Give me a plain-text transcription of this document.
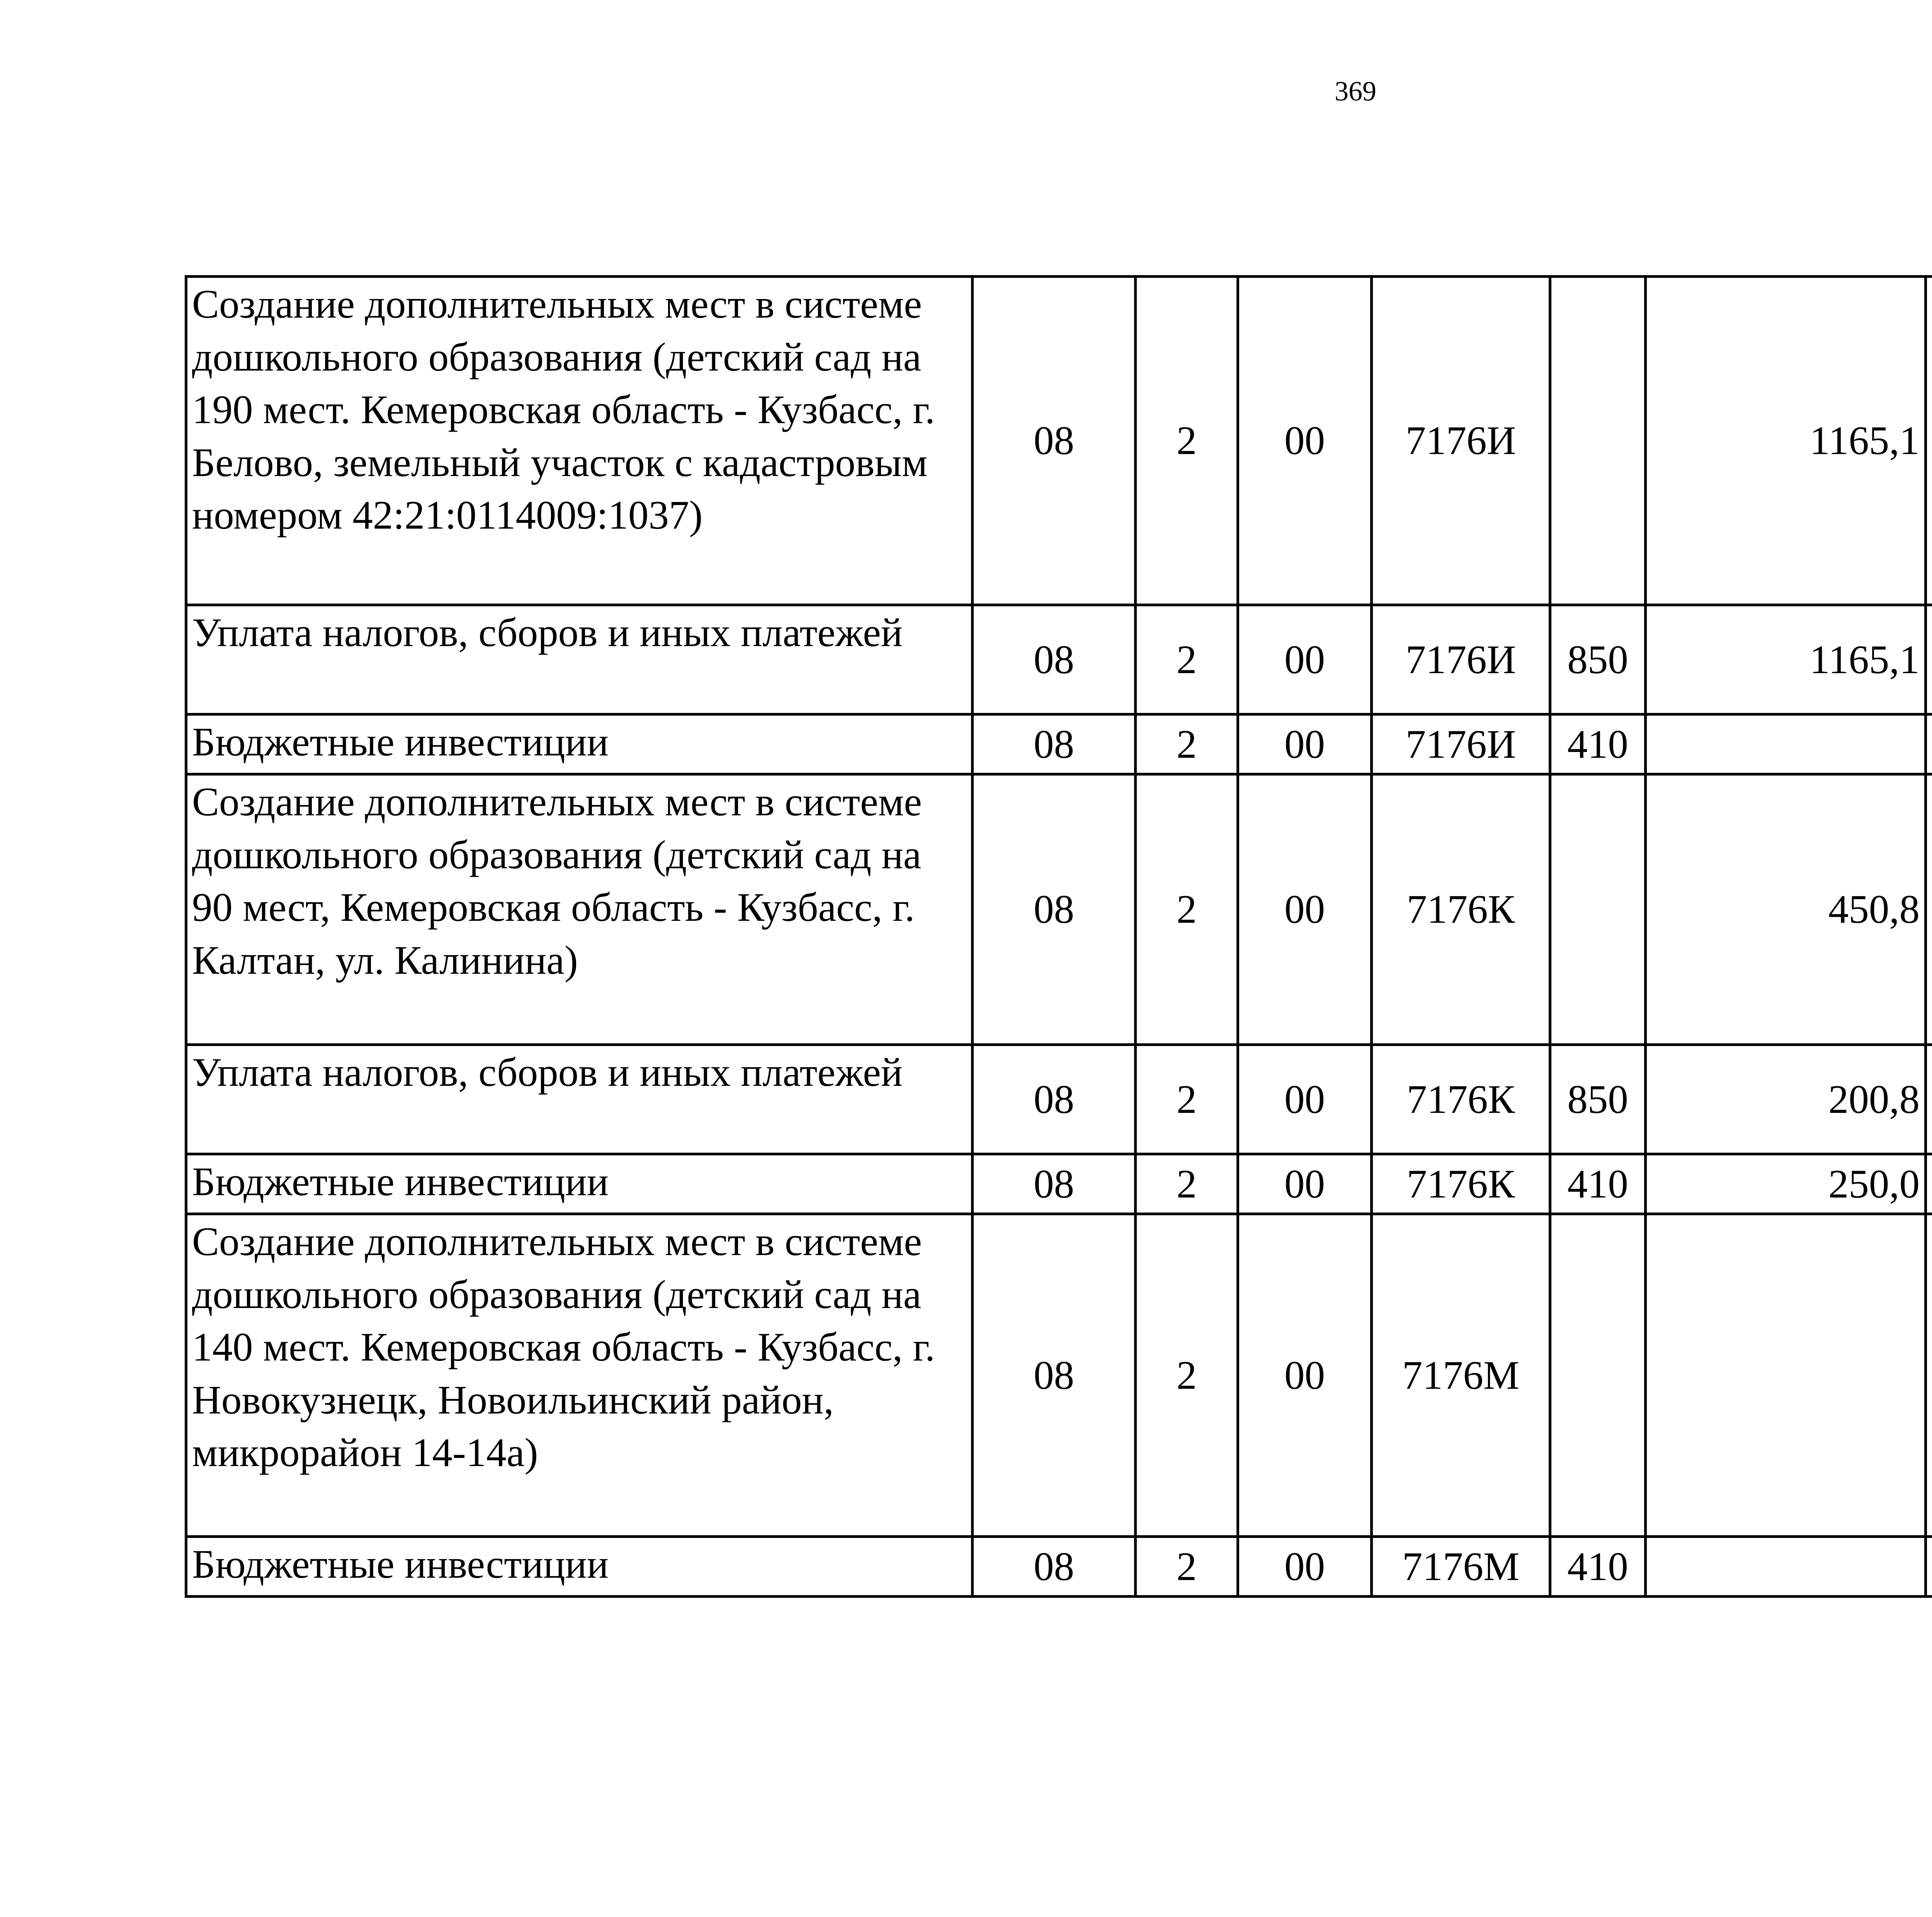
369
Создание дополнительных мест в системе дошкольного образования (детский сад на 190 мест. Кемеровская область - Кузбасс, г. Белово, земельный участок с кадастровым номером 42:21:0114009:1037)	08	2	00	7176И		1165,1		
Уплата налогов, сборов и иных платежей	08	2	00	7176И	850	1165,1		
Бюджетные инвестиции	08	2	00	7176И	410			
Создание дополнительных мест в системе дошкольного образования (детский сад на 90 мест, Кемеровская область - Кузбасс, г. Калтан, ул. Калинина)	08	2	00	7176К		450,8		
Уплата налогов, сборов и иных платежей	08	2	00	7176К	850	200,8		
Бюджетные инвестиции	08	2	00	7176К	410	250,0		
Создание дополнительных мест в системе дошкольного образования (детский сад на 140 мест. Кемеровская область - Кузбасс, г. Новокузнецк, Новоильинский район, микрорайон 14-14а)	08	2	00	7176М				
Бюджетные инвестиции	08	2	00	7176М	410			
